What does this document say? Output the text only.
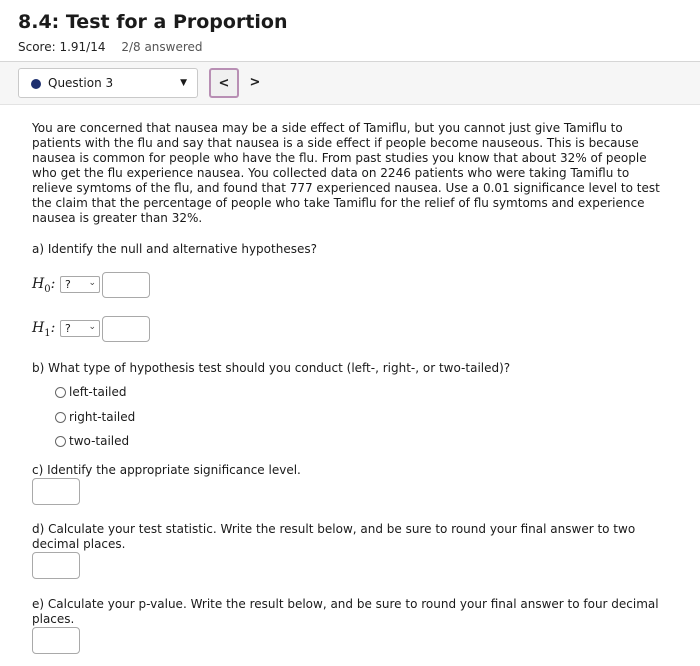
8.4: Test for a Proportion
Score: 1.91/14 2/8 answered
Question 3	▼	<	>

You are concerned that nausea may be a side effect of Tamiflu, but you cannot just give Tamiflu to patients with the flu and say that nausea is a side effect if people become nauseous. This is because nausea is common for people who have the flu. From past studies you know that about 32% of people who get the flu experience nausea. You collected data on 2246 patients who were taking Tamiflu to relieve symtoms of the flu, and found that 777 experienced nausea. Use a 0.01 significance level to test the claim that the percentage of people who take Tamiflu for the relief of flu symtoms and experience nausea is greater than 32%.

a) Identify the null and alternative hypotheses?

$H_0$: ? ⌄
$H_1$: ? ⌄

b) What type of hypothesis test should you conduct (left-, right-, or two-tailed)?

left-tailed
right-tailed
two-tailed

c) Identify the appropriate significance level.

d) Calculate your test statistic. Write the result below, and be sure to round your final answer to two decimal places.

e) Calculate your p-value. Write the result below, and be sure to round your final answer to four decimal places.
